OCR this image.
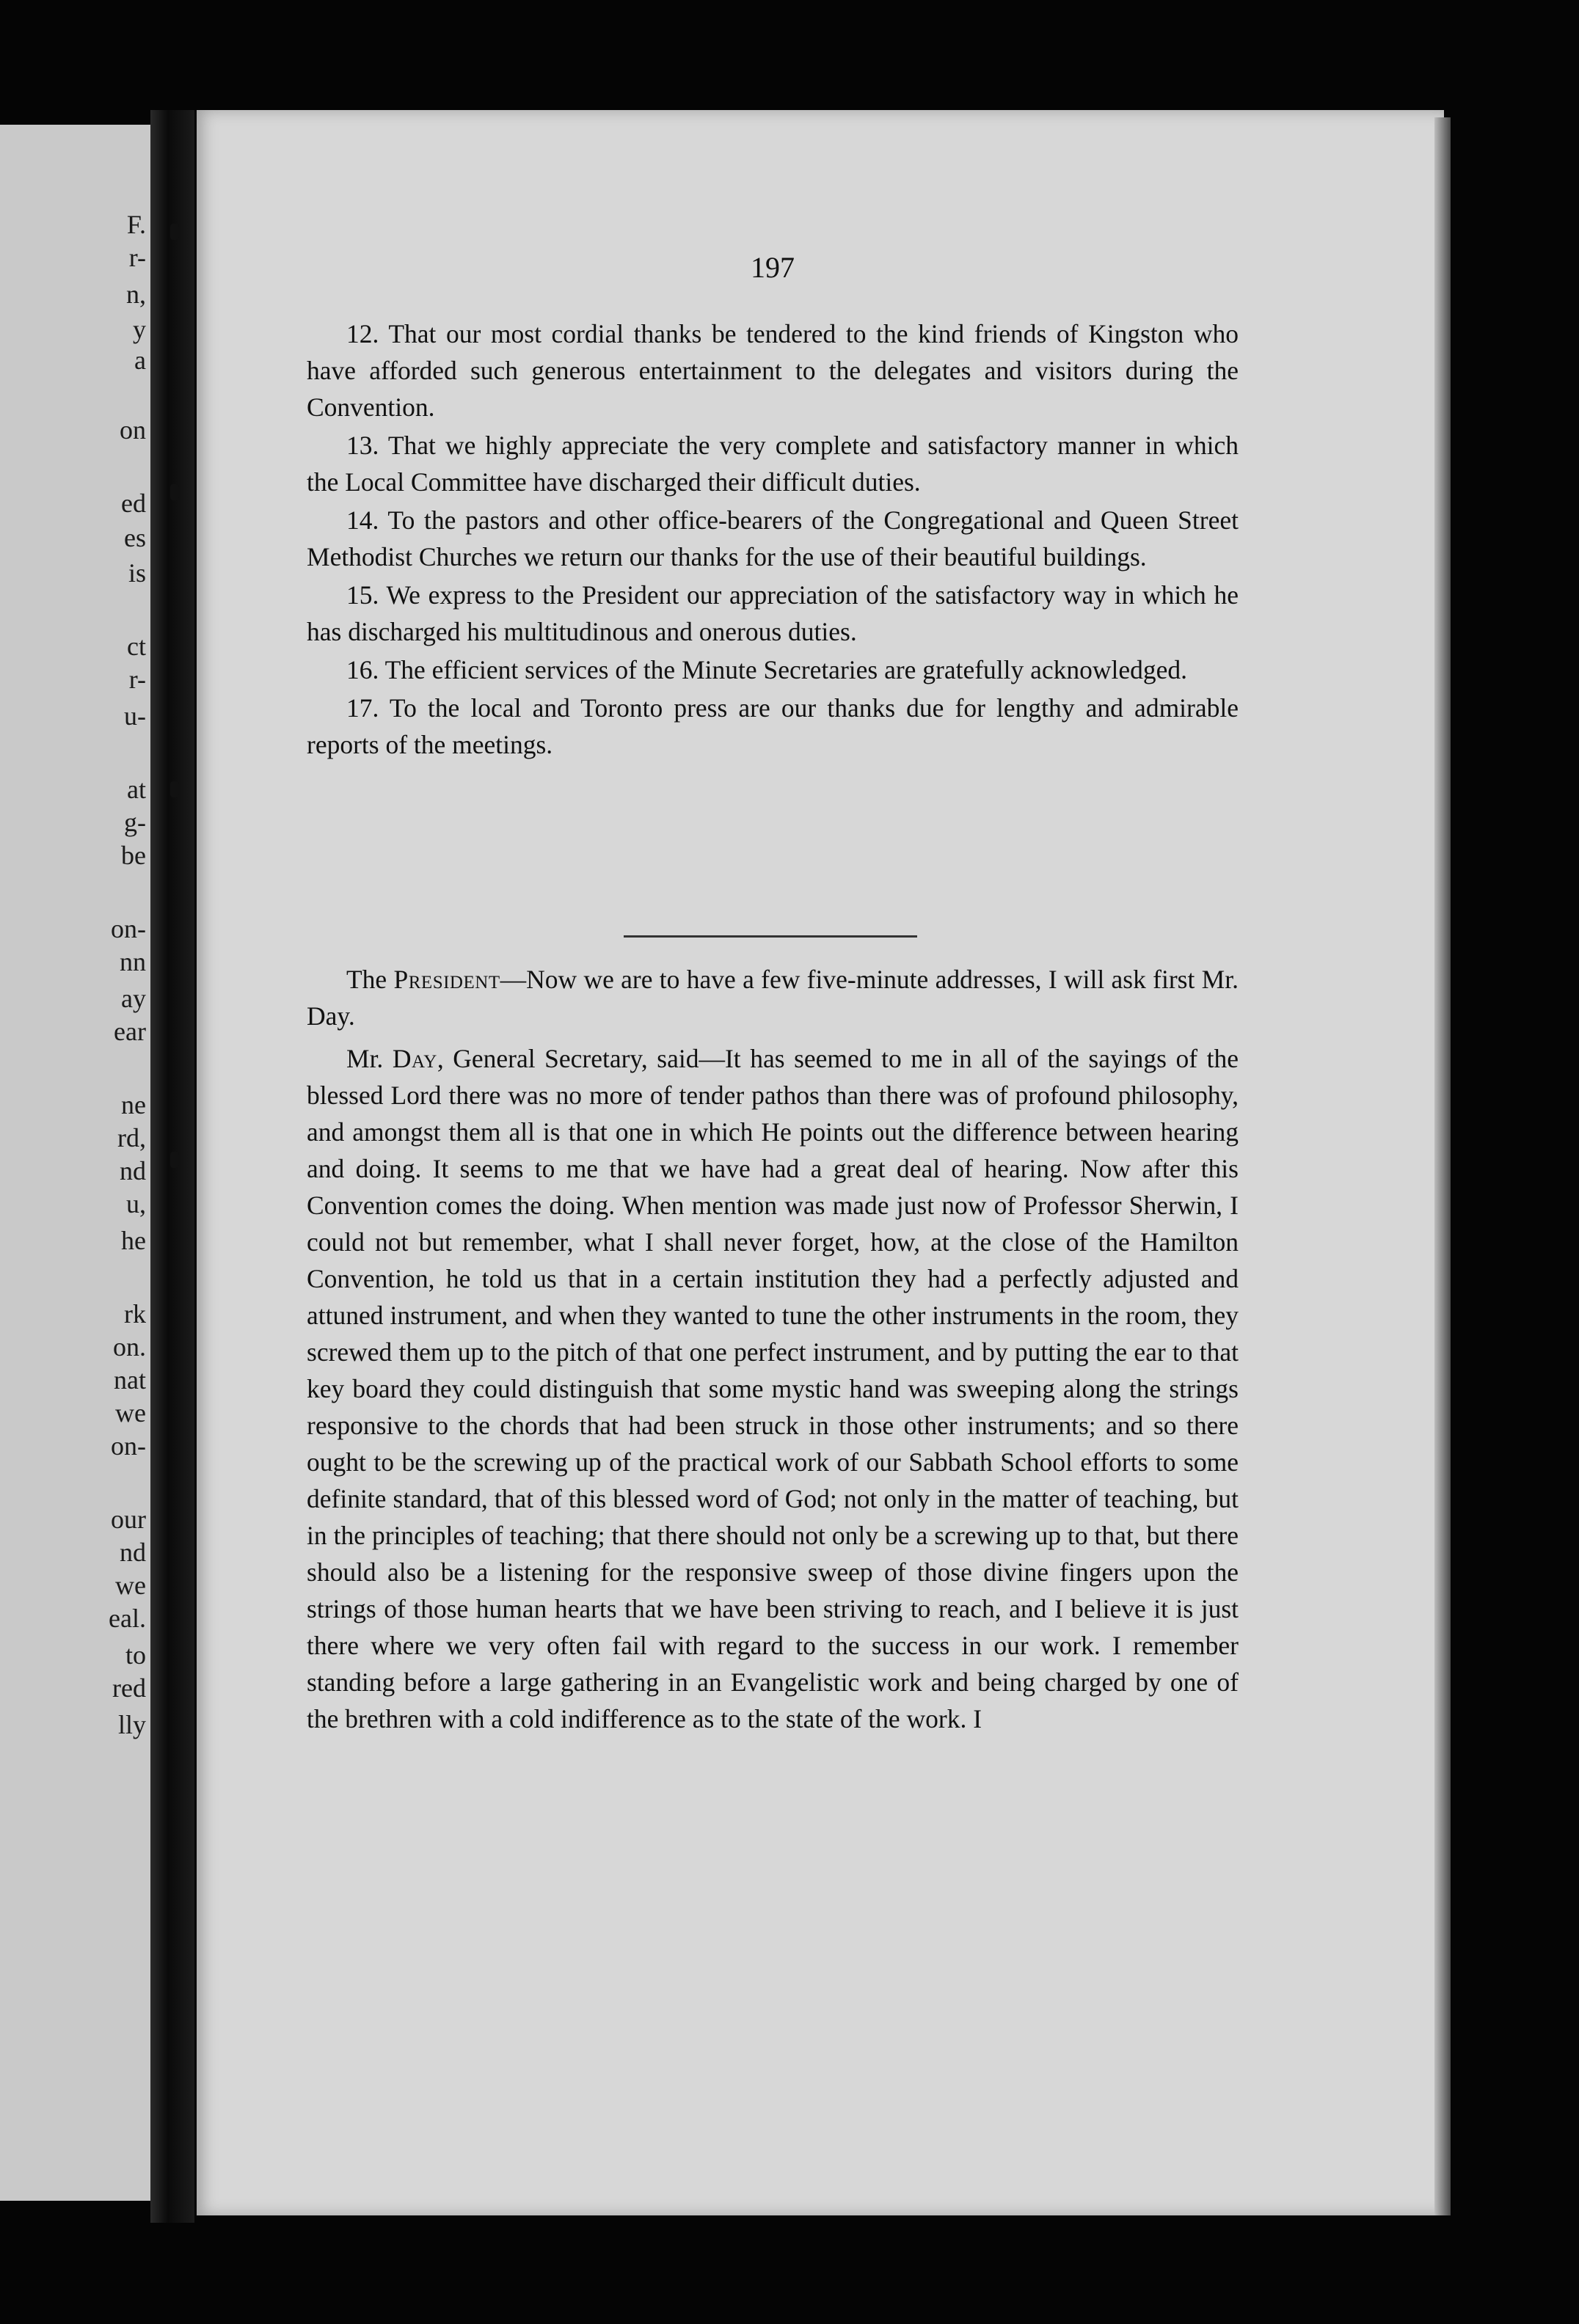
F.
r-
n,
y
a
on
ed
es
is
ct
r-
u-
at
g-
be
on-
nn
ay
ear
ne
rd,
nd
u,
he
rk
on.
nat
we
on-
our
nd
we
eal.
to
red
lly
197

12. That our most cordial thanks be tendered to the kind friends of Kingston who have afforded such generous entertainment to the delegates and visitors during the Convention.

13. That we highly appreciate the very complete and satisfactory manner in which the Local Committee have discharged their difficult duties.

14. To the pastors and other office-bearers of the Congregational and Queen Street Methodist Churches we return our thanks for the use of their beautiful buildings.

15. We express to the President our appreciation of the satisfactory way in which he has discharged his multitudinous and onerous duties.

16. The efficient services of the Minute Secretaries are gratefully acknowledged.

17. To the local and Toronto press are our thanks due for lengthy and admirable reports of the meetings.

The President—Now we are to have a few five-minute addresses, I will ask first Mr. Day.

Mr. Day, General Secretary, said—It has seemed to me in all of the sayings of the blessed Lord there was no more of tender pathos than there was of profound philosophy, and amongst them all is that one in which He points out the difference between hearing and doing. It seems to me that we have had a great deal of hearing. Now after this Convention comes the doing. When mention was made just now of Professor Sherwin, I could not but remember, what I shall never forget, how, at the close of the Hamilton Convention, he told us that in a certain institution they had a perfectly adjusted and attuned instrument, and when they wanted to tune the other instruments in the room, they screwed them up to the pitch of that one perfect instrument, and by putting the ear to that key board they could distinguish that some mystic hand was sweeping along the strings responsive to the chords that had been struck in those other instruments; and so there ought to be the screwing up of the practical work of our Sabbath School efforts to some definite standard, that of this blessed word of God; not only in the matter of teaching, but in the principles of teaching; that there should not only be a screwing up to that, but there should also be a listening for the responsive sweep of those divine fingers upon the strings of those human hearts that we have been striving to reach, and I believe it is just there where we very often fail with regard to the success in our work. I remember standing before a large gathering in an Evangelistic work and being charged by one of the brethren with a cold indifference as to the state of the work. I
